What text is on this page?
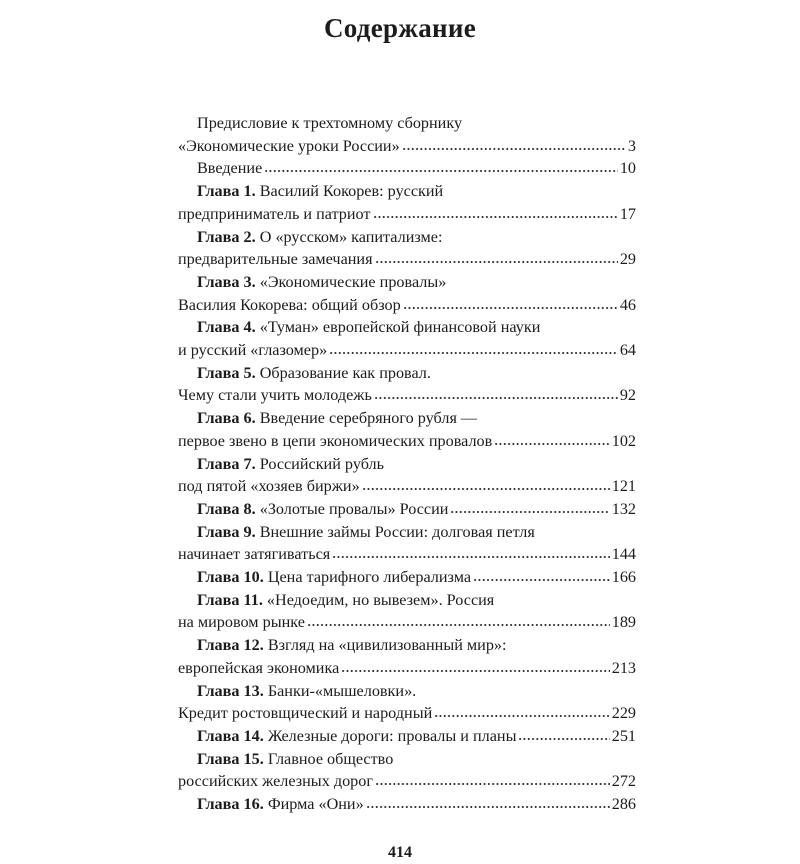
Содержание
Предисловие к трехтомному сборнику
«Экономические уроки России»	3
Введение	10
Глава 1. Василий Кокорев: русский
предприниматель и патриот	17
Глава 2. О «русском» капитализме:
предварительные замечания	29
Глава 3. «Экономические провалы»
Василия Кокорева: общий обзор	46
Глава 4. «Туман» европейской финансовой науки
и русский «глазомер»	64
Глава 5. Образование как провал.
Чему стали учить молодежь	92
Глава 6. Введение серебряного рубля —
первое звено в цепи экономических провалов	102
Глава 7. Российский рубль
под пятой «хозяев биржи»	121
Глава 8. «Золотые провалы» России	132
Глава 9. Внешние займы России: долговая петля
начинает затягиваться	144
Глава 10. Цена тарифного либерализма	166
Глава 11. «Недоедим, но вывезем». Россия
на мировом рынке	189
Глава 12. Взгляд на «цивилизованный мир»:
европейская экономика	213
Глава 13. Банки-«мышеловки».
Кредит ростовщический и народный	229
Глава 14. Железные дороги: провалы и планы	251
Глава 15. Главное общество
российских железных дорог	272
Глава 16. Фирма «Они»	286
414
